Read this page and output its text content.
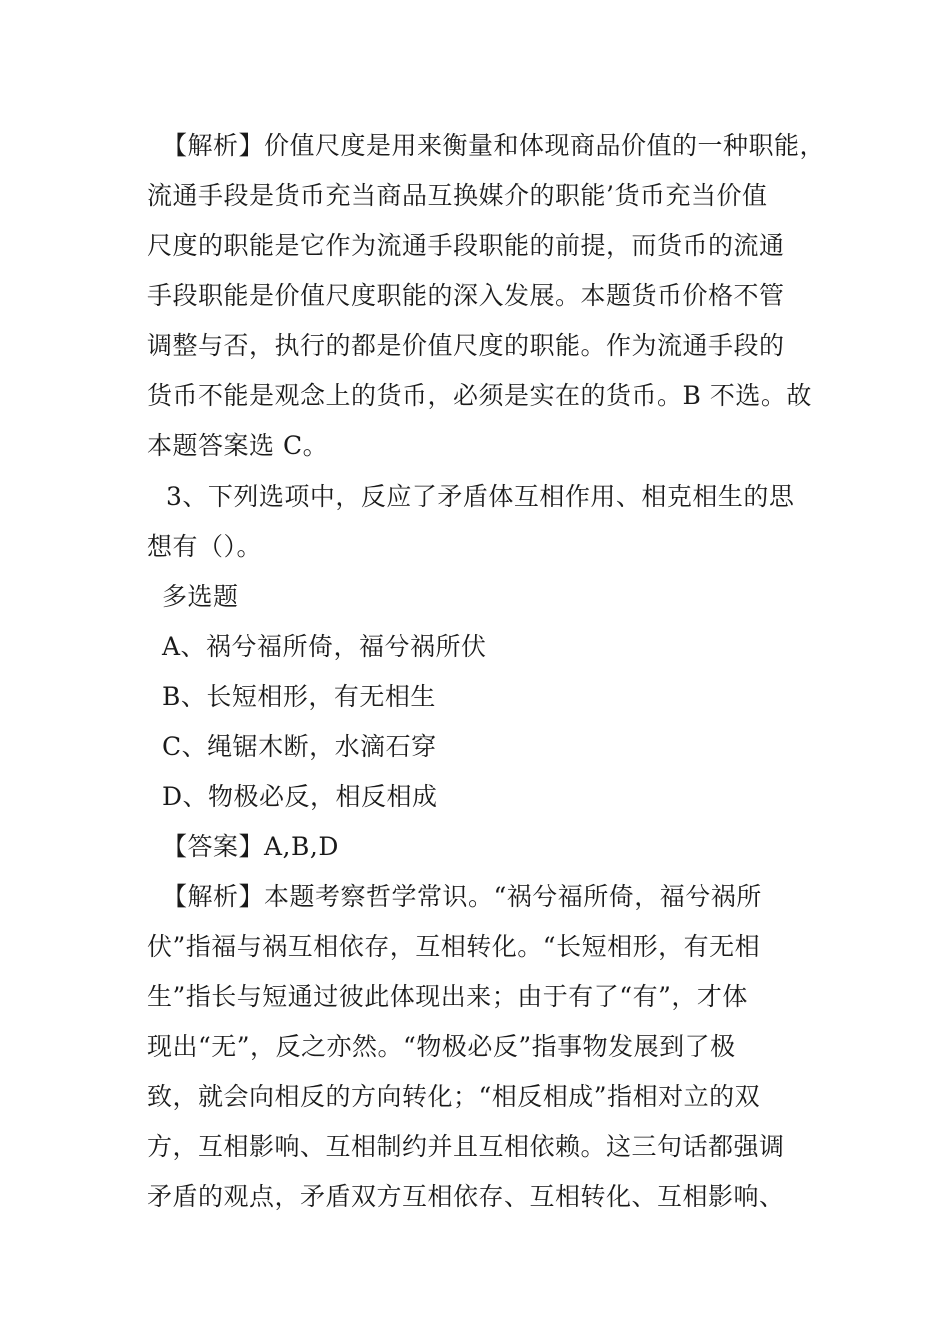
【解析】价值尺度是用来衡量和体现商品价值的一种职能，
流通手段是货币充当商品互换媒介的职能’货币充当价值
尺度的职能是它作为流通手段职能的前提，而货币的流通
手段职能是价值尺度职能的深入发展。本题货币价格不管
调整与否，执行的都是价值尺度的职能。作为流通手段的
货币不能是观念上的货币，必须是实在的货币。B 不选。故
本题答案选 C。
3、下列选项中，反应了矛盾体互相作用、相克相生的思
想有（）。
多选题
A、祸兮福所倚，福兮祸所伏
B、长短相形，有无相生
C、绳锯木断，水滴石穿
D、物极必反，相反相成
【答案】A,B,D
【解析】本题考察哲学常识。“祸兮福所倚，福兮祸所
伏”指福与祸互相依存，互相转化。“长短相形，有无相
生”指长与短通过彼此体现出来；由于有了“有”，才体
现出“无”，反之亦然。“物极必反”指事物发展到了极
致，就会向相反的方向转化；“相反相成”指相对立的双
方，互相影响、互相制约并且互相依赖。这三句话都强调
矛盾的观点，矛盾双方互相依存、互相转化、互相影响、
